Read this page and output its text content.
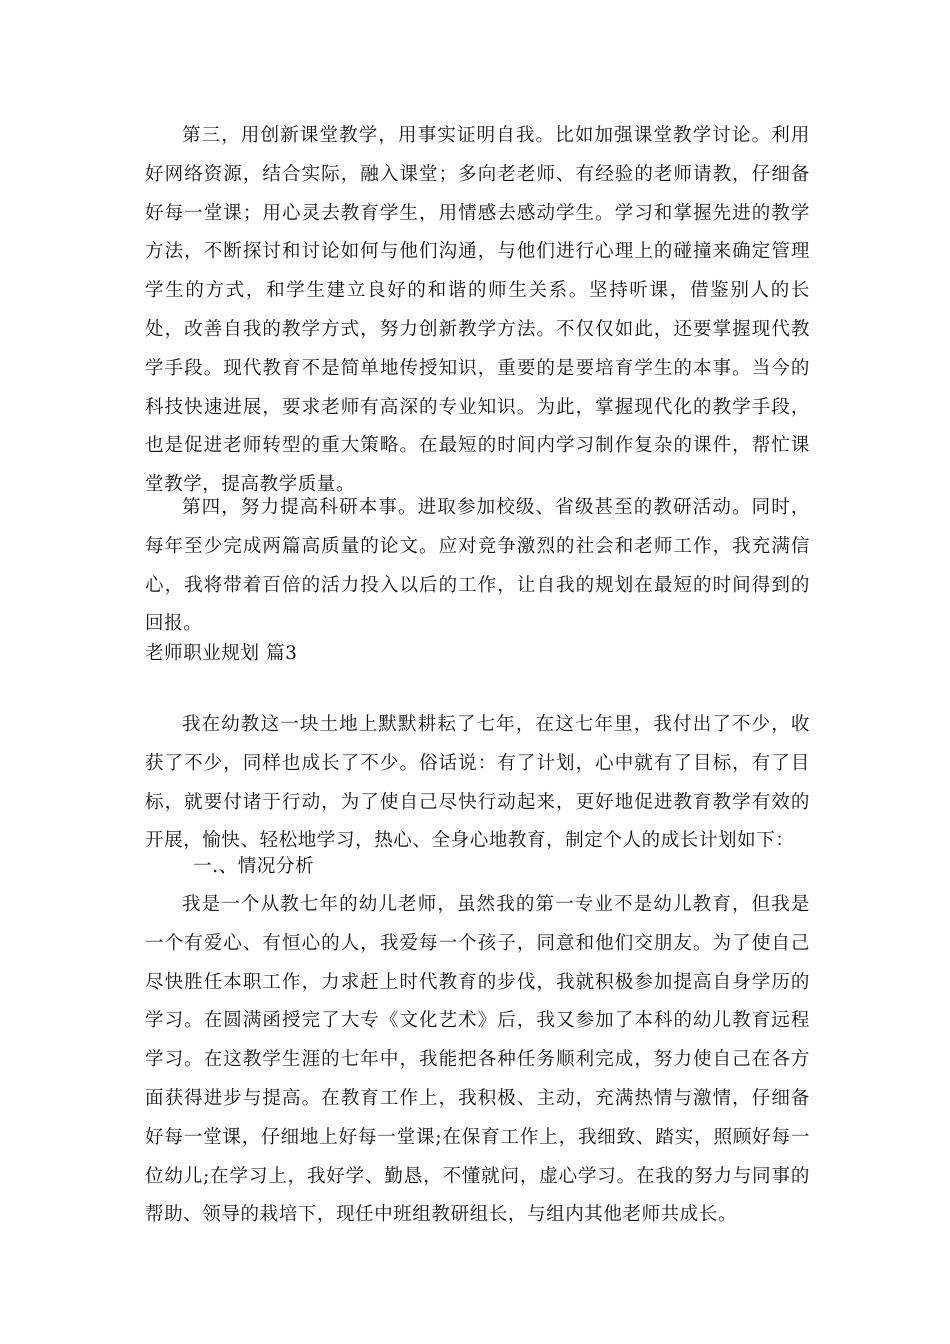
第三，用创新课堂教学，用事实证明自我。比如加强课堂教学讨论。利用好网络资源，结合实际，融入课堂；多向老老师、有经验的老师请教，仔细备好每一堂课；用心灵去教育学生，用情感去感动学生。学习和掌握先进的教学方法，不断探讨和讨论如何与他们沟通，与他们进行心理上的碰撞来确定管理学生的方式，和学生建立良好的和谐的师生关系。坚持听课，借鉴别人的长处，改善自我的教学方式，努力创新教学方法。不仅仅如此，还要掌握现代教学手段。现代教育不是简单地传授知识，重要的是要培育学生的本事。当今的科技快速进展，要求老师有高深的专业知识。为此，掌握现代化的教学手段，也是促进老师转型的重大策略。在最短的时间内学习制作复杂的课件，帮忙课堂教学，提高教学质量。

第四，努力提高科研本事。进取参加校级、省级甚至的教研活动。同时，每年至少完成两篇高质量的论文。应对竞争激烈的社会和老师工作，我充满信心，我将带着百倍的活力投入以后的工作，让自我的规划在最短的时间得到的回报。

老师职业规划 篇3

我在幼教这一块土地上默默耕耘了七年，在这七年里，我付出了不少，收获了不少，同样也成长了不少。俗话说：有了计划，心中就有了目标，有了目标，就要付诸于行动，为了使自己尽快行动起来，更好地促进教育教学有效的开展，愉快、轻松地学习，热心、全身心地教育，制定个人的成长计划如下：

一.、情况分析

我是一个从教七年的幼儿老师，虽然我的第一专业不是幼儿教育，但我是一个有爱心、有恒心的人，我爱每一个孩子，同意和他们交朋友。为了使自己尽快胜任本职工作，力求赶上时代教育的步伐，我就积极参加提高自身学历的学习。在圆满函授完了大专《文化艺术》后，我又参加了本科的幼儿教育远程学习。在这教学生涯的七年中，我能把各种任务顺利完成，努力使自己在各方面获得进步与提高。在教育工作上，我积极、主动，充满热情与激情，仔细备好每一堂课，仔细地上好每一堂课;在保育工作上，我细致、踏实，照顾好每一位幼儿;在学习上，我好学、勤恳，不懂就问，虚心学习。在我的努力与同事的帮助、领导的栽培下，现任中班组教研组长，与组内其他老师共成长。
